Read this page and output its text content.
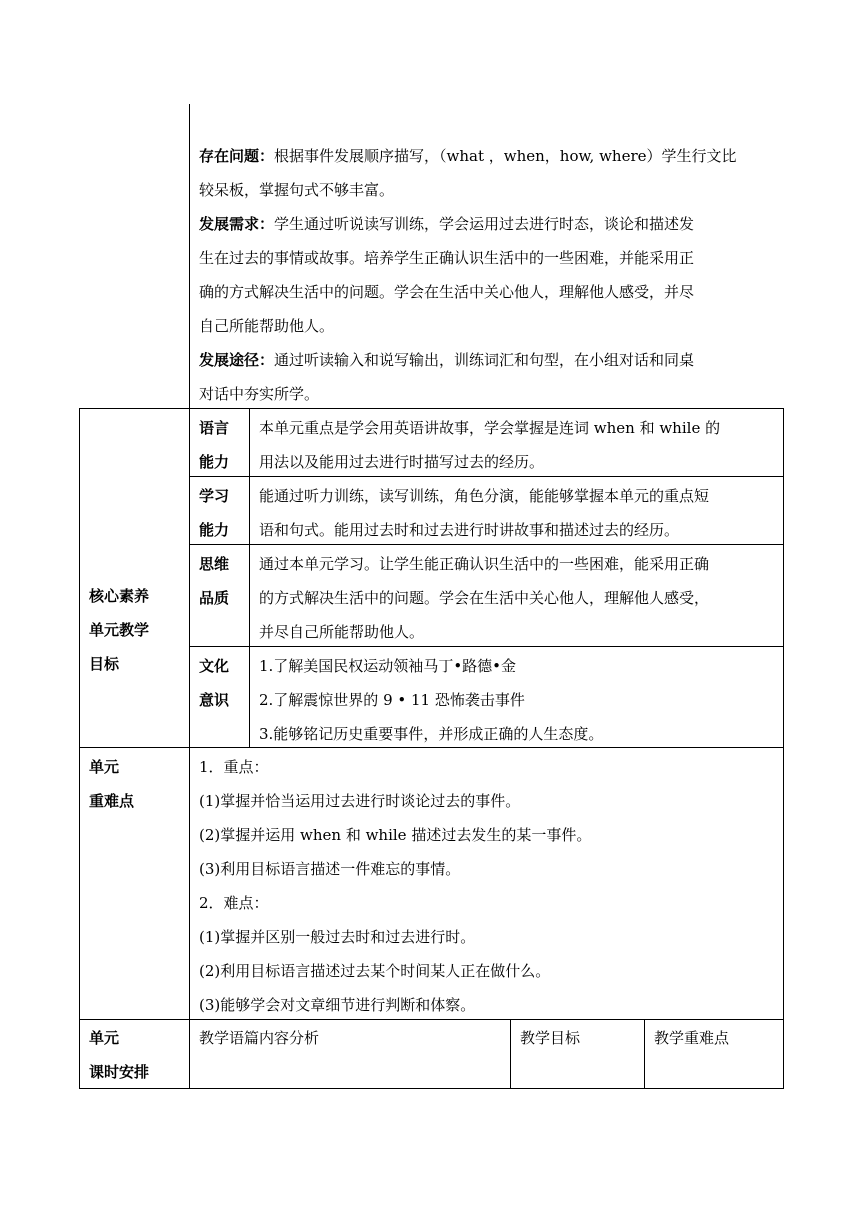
存在问题：根据事件发展顺序描写，（what ，when，how, where）学生行文比
较呆板，掌握句式不够丰富。
发展需求：学生通过听说读写训练，学会运用过去进行时态，谈论和描述发
生在过去的事情或故事。培养学生正确认识生活中的一些困难，并能采用正
确的方式解决生活中的问题。学会在生活中关心他人，理解他人感受，并尽
自己所能帮助他人。
发展途径：通过听读输入和说写输出，训练词汇和句型，在小组对话和同桌
对话中夯实所学。
核心素养
单元教学
目标
语言
能力
本单元重点是学会用英语讲故事，学会掌握是连词 when 和 while 的
用法以及能用过去进行时描写过去的经历。
学习
能力
能通过听力训练，读写训练，角色分演，能能够掌握本单元的重点短
语和句式。能用过去时和过去进行时讲故事和描述过去的经历。
思维
品质
通过本单元学习。让学生能正确认识生活中的一些困难，能采用正确
的方式解决生活中的问题。学会在生活中关心他人，理解他人感受，
并尽自己所能帮助他人。
文化
意识
1.了解美国民权运动领袖马丁•路德•金
2.了解震惊世界的 9 • 11 恐怖袭击事件
3.能够铭记历史重要事件，并形成正确的人生态度。
单元
重难点
1．重点：
(1)掌握并恰当运用过去进行时谈论过去的事件。
(2)掌握并运用 when 和 while 描述过去发生的某一事件。
(3)利用目标语言描述一件难忘的事情。
2．难点：
(1)掌握并区别一般过去时和过去进行时。
(2)利用目标语言描述过去某个时间某人正在做什么。
(3)能够学会对文章细节进行判断和体察。
单元
课时安排
教学语篇内容分析	教学目标	教学重难点
